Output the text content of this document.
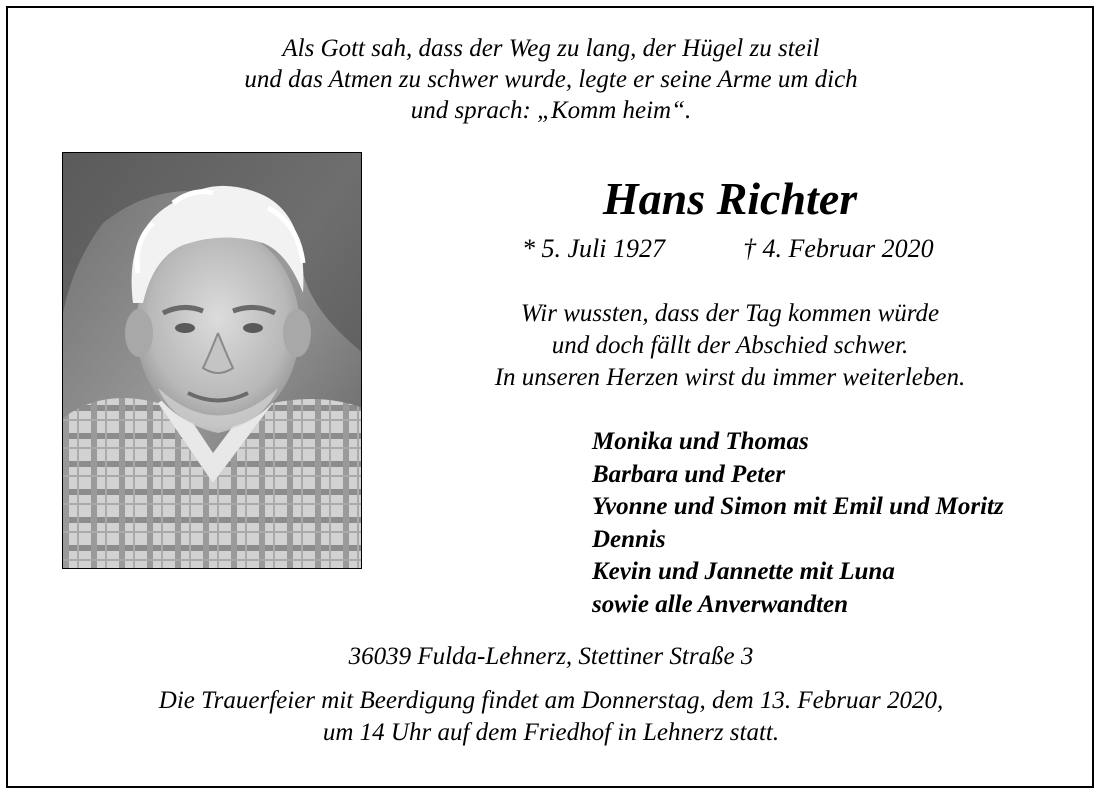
Als Gott sah, dass der Weg zu lang, der Hügel zu steil
und das Atmen zu schwer wurde, legte er seine Arme um dich
und sprach: „Komm heim“.
Hans Richter
* 5. Juli 1927	† 4. Februar 2020
Wir wussten, dass der Tag kommen würde
und doch fällt der Abschied schwer.
In unseren Herzen wirst du immer weiterleben.
Monika und Thomas
Barbara und Peter
Yvonne und Simon mit Emil und Moritz
Dennis
Kevin und Jannette mit Luna
sowie alle Anverwandten
36039 Fulda-Lehnerz, Stettiner Straße 3
Die Trauerfeier mit Beerdigung findet am Donnerstag, dem 13. Februar 2020,
um 14 Uhr auf dem Friedhof in Lehnerz statt.
